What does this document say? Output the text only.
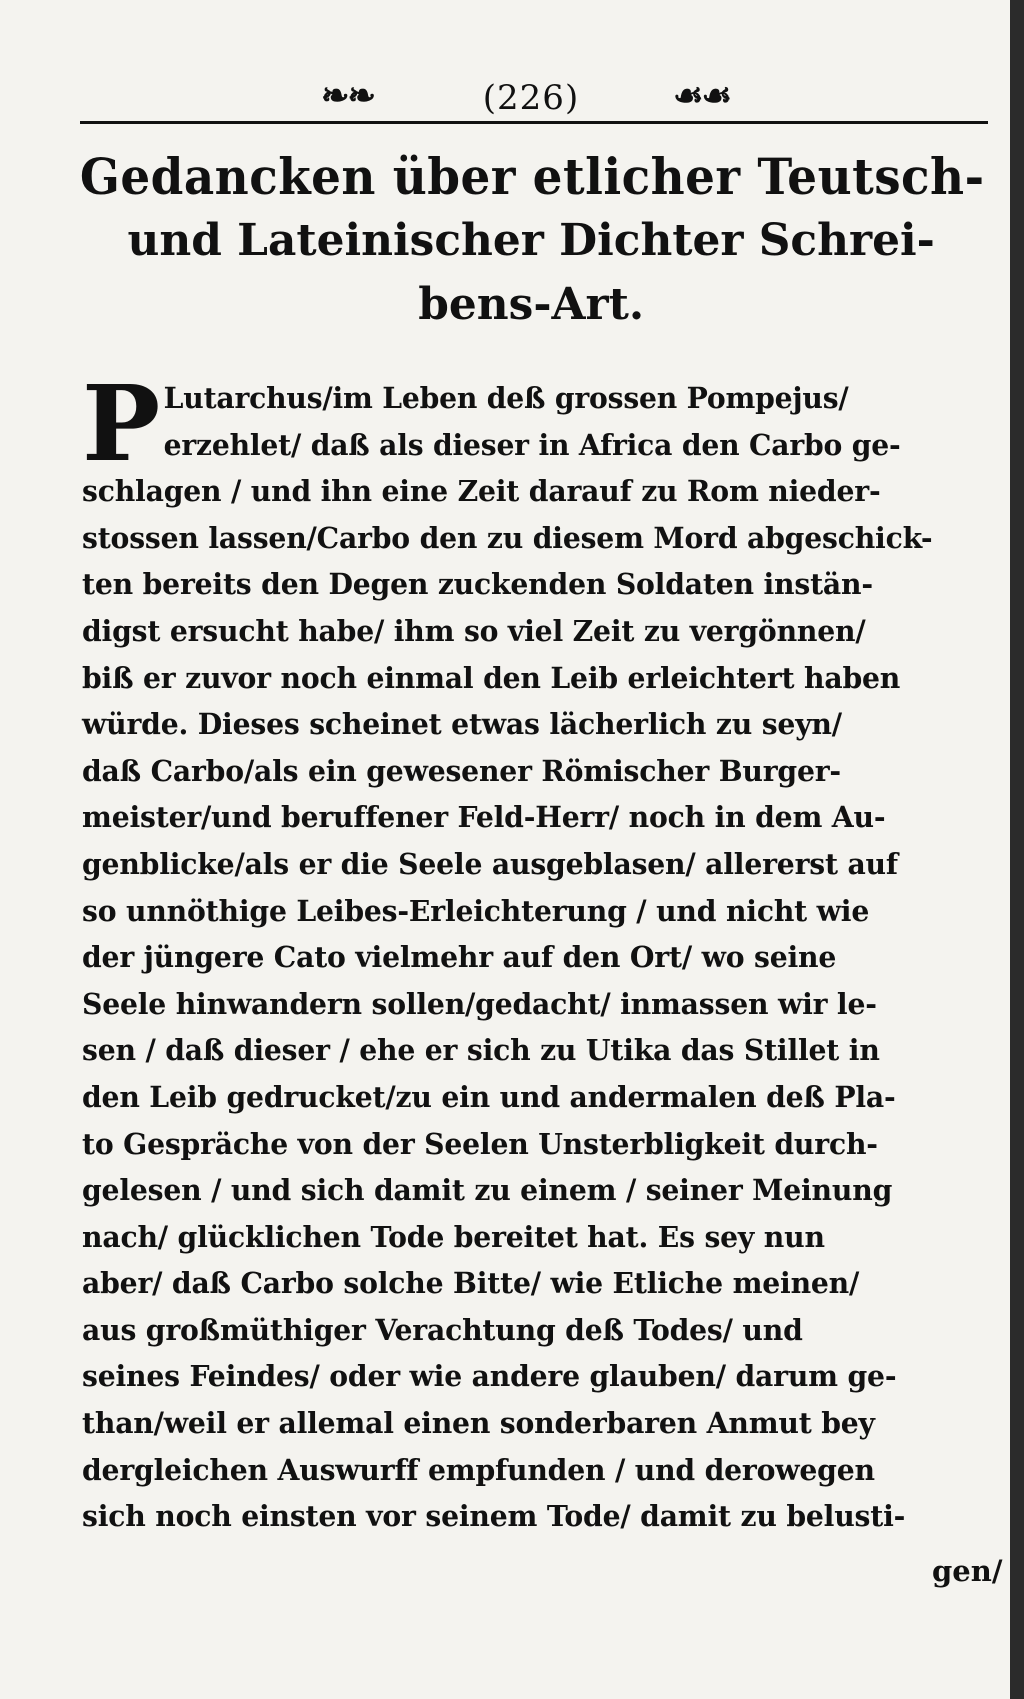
❧❧	(226)	☙☙
Gedancken über etlicher Teutsch-
und Lateinischer Dichter Schrei-
bens-Art.
P Lutarchus/im Leben deß grossen Pompejus/
erzehlet/ daß als dieser in Africa den Carbo ge-
schlagen / und ihn eine Zeit darauf zu Rom nieder-
stossen lassen/Carbo den zu diesem Mord abgeschick-
ten bereits den Degen zuckenden Soldaten instän-
digst ersucht habe/ ihm so viel Zeit zu vergönnen/
biß er zuvor noch einmal den Leib erleichtert haben
würde. Dieses scheinet etwas lächerlich zu seyn/
daß Carbo/als ein gewesener Römischer Burger-
meister/und beruffener Feld-Herr/ noch in dem Au-
genblicke/als er die Seele ausgeblasen/ allererst auf
so unnöthige Leibes-Erleichterung / und nicht wie
der jüngere Cato vielmehr auf den Ort/ wo seine
Seele hinwandern sollen/gedacht/ inmassen wir le-
sen / daß dieser / ehe er sich zu Utika das Stillet in
den Leib gedrucket/zu ein und andermalen deß Pla-
to Gespräche von der Seelen Unsterbligkeit durch-
gelesen / und sich damit zu einem / seiner Meinung
nach/ glücklichen Tode bereitet hat. Es sey nun
aber/ daß Carbo solche Bitte/ wie Etliche meinen/
aus großmüthiger Verachtung deß Todes/ und
seines Feindes/ oder wie andere glauben/ darum ge-
than/weil er allemal einen sonderbaren Anmut bey
dergleichen Auswurff empfunden / und derowegen
sich noch einsten vor seinem Tode/ damit zu belusti-
gen/
